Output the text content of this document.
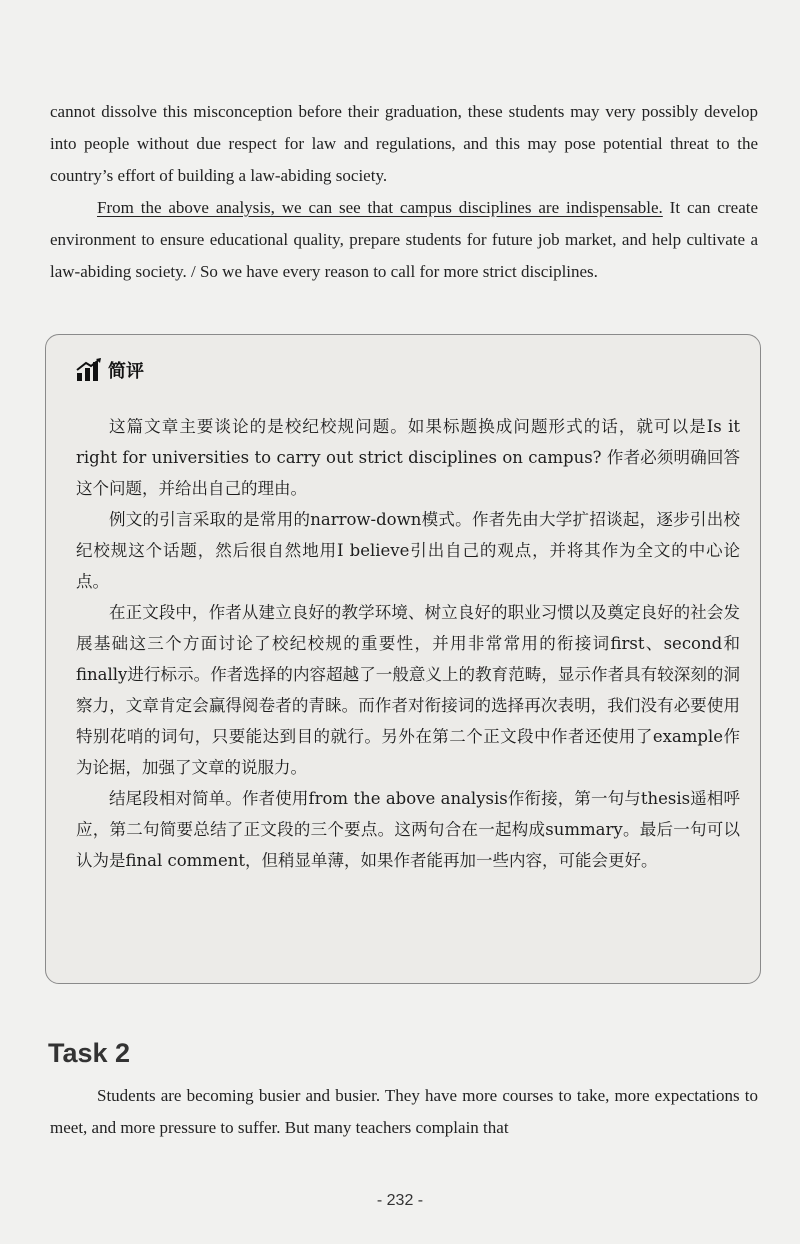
cannot dissolve this misconception before their graduation, these students may very possibly develop into people without due respect for law and regulations, and this may pose potential threat to the country’s effort of building a law-abiding society.
From the above analysis, we can see that campus disciplines are indispensable. It can create environment to ensure educational quality, prepare students for future job market, and help cultivate a law-abiding society. / So we have every reason to call for more strict disciplines.
简评

这篇文章主要谈论的是校纪校规问题。如果标题换成问题形式的话，就可以是Is it right for universities to carry out strict disciplines on campus? 作者必须明确回答这个问题，并给出自己的理由。

例文的引言采取的是常用的narrow-down模式。作者先由大学扩招谈起，逐步引出校纪校规这个话题，然后很自然地用I believe引出自己的观点，并将其作为全文的中心论点。

在正文段中，作者从建立良好的教学环境、树立良好的职业习惯以及奠定良好的社会发展基础这三个方面讨论了校纪校规的重要性，并用非常常用的衔接词first、second和finally进行标示。作者选择的内容超越了一般意义上的教育范畴，显示作者具有较深刻的洞察力，文章肯定会赢得阅卷者的青睐。而作者对衔接词的选择再次表明，我们没有必要使用特别花哨的词句，只要能达到目的就行。另外在第二个正文段中作者还使用了example作为论据，加强了文章的说服力。

结尾段相对简单。作者使用from the above analysis作衔接，第一句与thesis遥相呼应，第二句简要总结了正文段的三个要点。这两句合在一起构成summary。最后一句可以认为是final comment，但稍显单薄，如果作者能再加一些内容，可能会更好。

Task 2
Students are becoming busier and busier. They have more courses to take, more expectations to meet, and more pressure to suffer. But many teachers complain that
- 232 -
